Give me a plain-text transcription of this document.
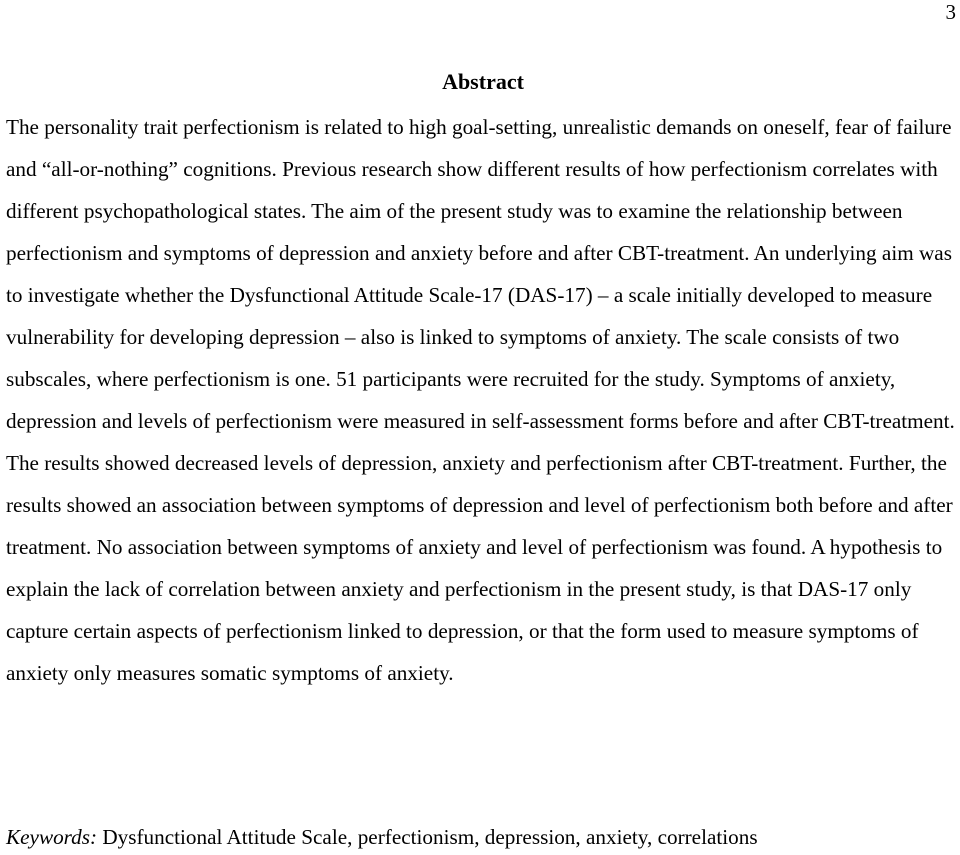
3
Abstract

The personality trait perfectionism is related to high goal-setting, unrealistic demands on oneself, fear of failure and “all-or-nothing” cognitions. Previous research show different results of how perfectionism correlates with different psychopathological states. The aim of the present study was to examine the relationship between perfectionism and symptoms of depression and anxiety before and after CBT-treatment. An underlying aim was to investigate whether the Dysfunctional Attitude Scale-17 (DAS-17) – a scale initially developed to measure vulnerability for developing depression – also is linked to symptoms of anxiety. The scale consists of two subscales, where perfectionism is one. 51 participants were recruited for the study. Symptoms of anxiety, depression and levels of perfectionism were measured in self-assessment forms before and after CBT-treatment. The results showed decreased levels of depression, anxiety and perfectionism after CBT-treatment. Further, the results showed an association between symptoms of depression and level of perfectionism both before and after treatment. No association between symptoms of anxiety and level of perfectionism was found. A hypothesis to explain the lack of correlation between anxiety and perfectionism in the present study, is that DAS-17 only capture certain aspects of perfectionism linked to depression, or that the form used to measure symptoms of anxiety only measures somatic symptoms of anxiety.

Keywords: Dysfunctional Attitude Scale, perfectionism, depression, anxiety, correlations
